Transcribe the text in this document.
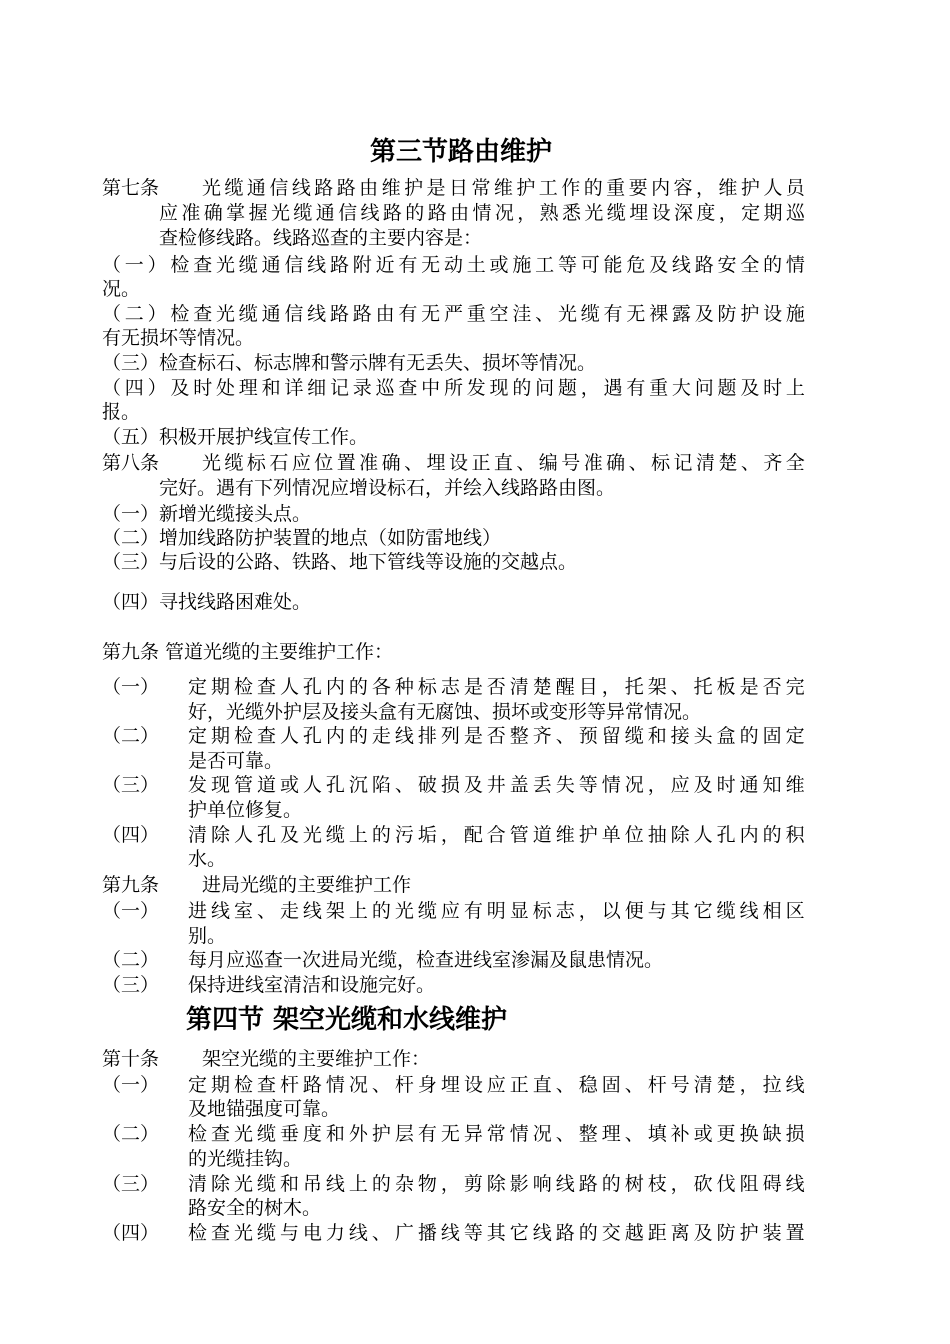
第三节路由维护
第七条 光 缆 通 信 线 路 路 由 维 护 是 日 常 维 护 工 作 的 重 要 内 容 ， 维 护 人 员
应 准 确 掌 握 光 缆 通 信 线 路 的 路 由 情 况 ， 熟 悉 光 缆 埋 设 深 度 ， 定 期 巡
查检修线路。线路巡查的主要内容是：
（ 一 ） 检 查 光 缆 通 信 线 路 附 近 有 无 动 土 或 施 工 等 可 能 危 及 线 路 安 全 的 情
况。
（ 二 ） 检 查 光 缆 通 信 线 路 路 由 有 无 严 重 空 洼 、 光 缆 有 无 裸 露 及 防 护 设 施
有无损坏等情况。
（三）检查标石、标志牌和警示牌有无丢失、损坏等情况。
（ 四 ） 及 时 处 理 和 详 细 记 录 巡 查 中 所 发 现 的 问 题 ， 遇 有 重 大 问 题 及 时 上
报。
（五）积极开展护线宣传工作。
第八条 光 缆 标 石 应 位 置 准 确 、 埋 设 正 直 、 编 号 准 确 、 标 记 清 楚 、 齐 全
完好。遇有下列情况应增设标石，并绘入线路路由图。
（一）新增光缆接头点。
（二）增加线路防护装置的地点（如防雷地线）
（三）与后设的公路、铁路、地下管线等设施的交越点。
（四）寻找线路困难处。
第九条 管道光缆的主要维护工作：
（一） 定 期 检 查 人 孔 内 的 各 种 标 志 是 否 清 楚 醒 目 ， 托 架 、 托 板 是 否 完
好，光缆外护层及接头盒有无腐蚀、损坏或变形等异常情况。
（二） 定 期 检 查 人 孔 内 的 走 线 排 列 是 否 整 齐 、 预 留 缆 和 接 头 盒 的 固 定
是否可靠。
（三） 发 现 管 道 或 人 孔 沉 陷 、 破 损 及 井 盖 丢 失 等 情 况 ， 应 及 时 通 知 维
护单位修复。
（四） 清 除 人 孔 及 光 缆 上 的 污 垢 ， 配 合 管 道 维 护 单 位 抽 除 人 孔 内 的 积
水。
第九条 进局光缆的主要维护工作
（一） 进 线 室 、 走 线 架 上 的 光 缆 应 有 明 显 标 志 ， 以 便 与 其 它 缆 线 相 区
别。
（二） 每月应巡查一次进局光缆，检查进线室渗漏及鼠患情况。
（三） 保持进线室清洁和设施完好。
第四节 架空光缆和水线维护
第十条 架空光缆的主要维护工作：
（一） 定 期 检 查 杆 路 情 况 、 杆 身 埋 设 应 正 直 、 稳 固 、 杆 号 清 楚 ， 拉 线
及地锚强度可靠。
（二） 检 查 光 缆 垂 度 和 外 护 层 有 无 异 常 情 况 、 整 理 、 填 补 或 更 换 缺 损
的光缆挂钩。
（三） 清 除 光 缆 和 吊 线 上 的 杂 物 ， 剪 除 影 响 线 路 的 树 枝 ， 砍 伐 阻 碍 线
路安全的树木。
（四） 检 查 光 缆 与 电 力 线 、 广 播 线 等 其 它 线 路 的 交 越 距 离 及 防 护 装 置
